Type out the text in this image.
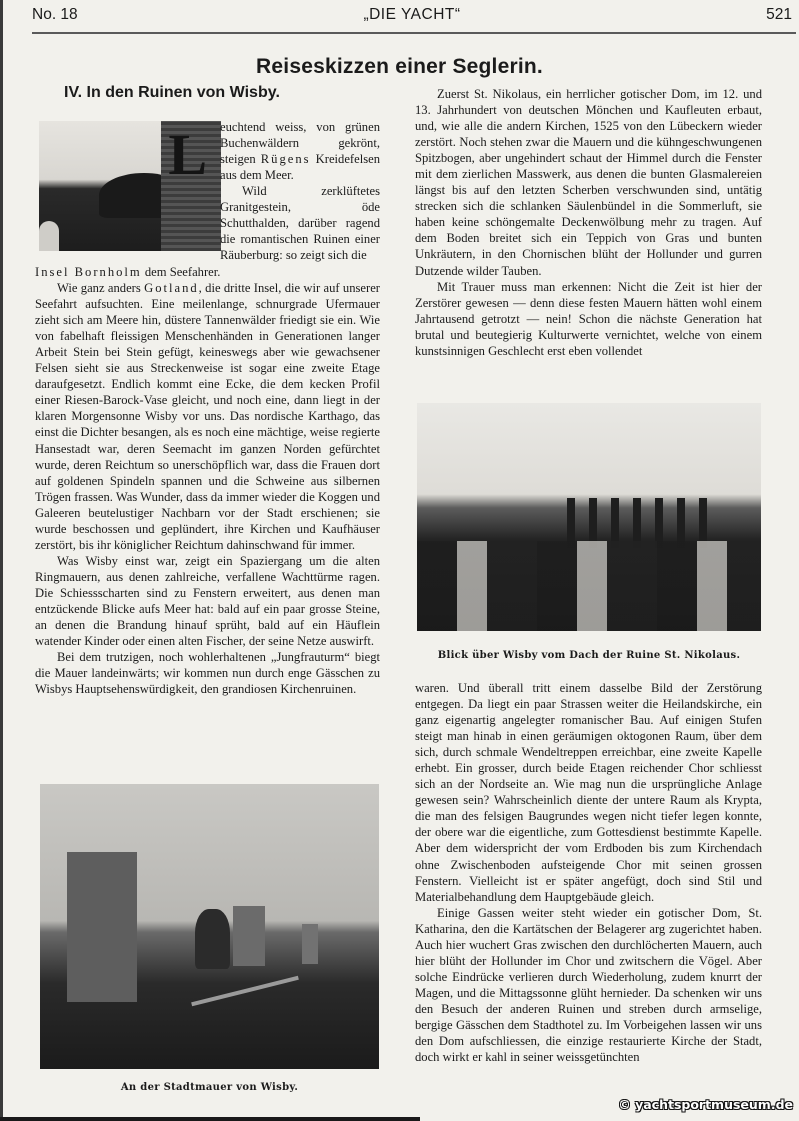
No. 18	„DIE YACHT“	521
Reiseskizzen einer Seglerin.
IV. In den Ruinen von Wisby.
L euchtend weiss, von grünen Buchenwäldern gekrönt, steigen Rügens Kreidefelsen aus dem Meer.

Wild zerklüftetes Granitgestein, öde Schutthalden, darüber ragend die romantischen Ruinen einer Räuberburg: so zeigt sich die

Insel Bornholm dem Seefahrer.

Wie ganz anders Gotland, die dritte Insel, die wir auf unserer Seefahrt aufsuchten. Eine meilenlange, schnurgrade Ufermauer zieht sich am Meere hin, düstere Tannenwälder friedigt sie ein. Wie von fabelhaft fleissigen Menschenhänden in Generationen langer Arbeit Stein bei Stein gefügt, keineswegs aber wie gewachsener Felsen sieht sie aus Streckenweise ist sogar eine zweite Etage daraufgesetzt. Endlich kommt eine Ecke, die dem kecken Profil einer Riesen-Barock-Vase gleicht, und noch eine, dann liegt in der klaren Morgensonne Wisby vor uns. Das nordische Karthago, das einst die Dichter besangen, als es noch eine mächtige, weise regierte Hansestadt war, deren Seemacht im ganzen Norden gefürchtet wurde, deren Reichtum so unerschöpflich war, dass die Frauen dort auf goldenen Spindeln spannen und die Schweine aus silbernen Trögen frassen. Was Wunder, dass da immer wieder die Koggen und Galeeren beutelustiger Nachbarn vor der Stadt erschienen; sie wurde beschossen und geplündert, ihre Kirchen und Kaufhäuser zerstört, bis ihr königlicher Reichtum dahinschwand für immer.

Was Wisby einst war, zeigt ein Spaziergang um die alten Ringmauern, aus denen zahlreiche, verfallene Wachttürme ragen. Die Schiessscharten sind zu Fenstern erweitert, aus denen man entzückende Blicke aufs Meer hat: bald auf ein paar grosse Steine, an denen die Brandung hinauf sprüht, bald auf ein Häuflein watender Kinder oder einen alten Fischer, der seine Netze auswirft.

Bei dem trutzigen, noch wohlerhaltenen „Jungfrauturm“ biegt die Mauer landeinwärts; wir kommen nun durch enge Gässchen zu Wisbys Hauptsehenswürdigkeit, den grandiosen Kirchenruinen.

Zuerst St. Nikolaus, ein herrlicher gotischer Dom, im 12. und 13. Jahrhundert von deutschen Mönchen und Kaufleuten erbaut, und, wie alle die andern Kirchen, 1525 von den Lübeckern wieder zerstört. Noch stehen zwar die Mauern und die kühngeschwungenen Spitzbogen, aber ungehindert schaut der Himmel durch die Fenster mit dem zierlichen Masswerk, aus denen die bunten Glasmalereien längst bis auf den letzten Scherben verschwunden sind, untätig strecken sich die schlanken Säulenbündel in die Sommerluft, sie haben keine schöngemalte Deckenwölbung mehr zu tragen. Auf dem Boden breitet sich ein Teppich von Gras und bunten Unkräutern, in den Chornischen blüht der Hollunder und gurren Dutzende wilder Tauben.

Mit Trauer muss man erkennen: Nicht die Zeit ist hier der Zerstörer gewesen — denn diese festen Mauern hätten wohl einem Jahrtausend getrotzt — nein! Schon die nächste Generation hat brutal und beutegierig Kulturwerte vernichtet, welche von einem kunstsinnigen Geschlecht erst eben vollendet

Blick über Wisby vom Dach der Ruine St. Nikolaus.

waren. Und überall tritt einem dasselbe Bild der Zerstörung entgegen. Da liegt ein paar Strassen weiter die Heilandskirche, ein ganz eigenartig angelegter romanischer Bau. Auf einigen Stufen steigt man hinab in einen geräumigen oktogonen Raum, über dem sich, durch schmale Wendeltreppen erreichbar, eine zweite Kapelle erhebt. Ein grosser, durch beide Etagen reichender Chor schliesst sich an der Nordseite an. Wie mag nun die ursprüngliche Anlage gewesen sein? Wahrscheinlich diente der untere Raum als Krypta, die man des felsigen Baugrundes wegen nicht tiefer legen konnte, der obere war die eigentliche, zum Gottesdienst bestimmte Kapelle. Aber dem widerspricht der vom Erdboden bis zum Kirchendach ohne Zwischenboden aufsteigende Chor mit seinen grossen Fenstern. Vielleicht ist er später angefügt, doch sind Stil und Materialbehandlung dem Hauptgebäude gleich.

Einige Gassen weiter steht wieder ein gotischer Dom, St. Katharina, den die Kartätschen der Belagerer arg zugerichtet haben. Auch hier wuchert Gras zwischen den durchlöcherten Mauern, auch hier blüht der Hollunder im Chor und zwitschern die Vögel. Aber solche Eindrücke verlieren durch Wiederholung, zudem knurrt der Magen, und die Mittagssonne glüht hernieder. Da schenken wir uns den Besuch der anderen Ruinen und streben durch armselige, bergige Gässchen dem Stadthotel zu. Im Vorbeigehen lassen wir uns den Dom aufschliessen, die einzige restaurierte Kirche der Stadt, doch wirkt er kahl in seiner weissgetünchten

An der Stadtmauer von Wisby.
© yachtsportmuseum.de
